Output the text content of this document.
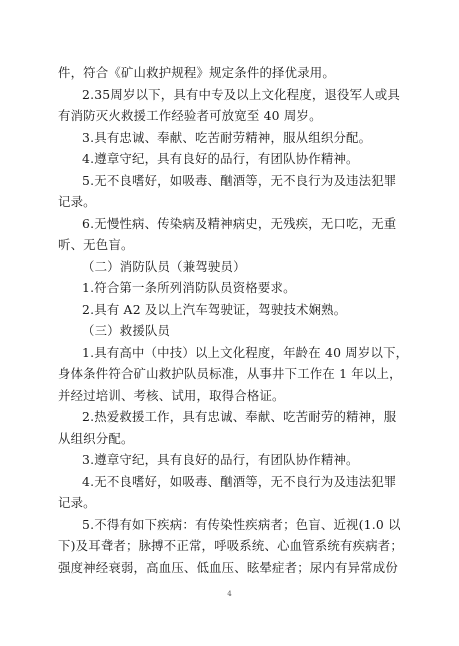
件，符合《矿山救护规程》规定条件的择优录用。
2.35周岁以下，具有中专及以上文化程度，退役军人或具
有消防灭火救援工作经验者可放宽至 40 周岁。
3.具有忠诚、奉献、吃苦耐劳精神，服从组织分配。
4.遵章守纪，具有良好的品行，有团队协作精神。
5.无不良嗜好，如吸毒、酗酒等，无不良行为及违法犯罪
记录。
6.无慢性病、传染病及精神病史，无残疾，无口吃，无重
听、无色盲。
（二）消防队员（兼驾驶员）
1.符合第一条所列消防队员资格要求。
2.具有 A2 及以上汽车驾驶证，驾驶技术娴熟。
（三）救援队员
1.具有高中（中技）以上文化程度，年龄在 40 周岁以下，
身体条件符合矿山救护队员标准，从事井下工作在 1 年以上，
并经过培训、考核、试用，取得合格证。
2.热爱救援工作，具有忠诚、奉献、吃苦耐劳的精神，服
从组织分配。
3.遵章守纪，具有良好的品行，有团队协作精神。
4.无不良嗜好，如吸毒、酗酒等，无不良行为及违法犯罪
记录。
5.不得有如下疾病：有传染性疾病者；色盲、近视(1.0 以
下)及耳聋者；脉搏不正常，呼吸系统、心血管系统有疾病者；
强度神经衰弱，高血压、低血压、眩晕症者；尿内有异常成份
4
